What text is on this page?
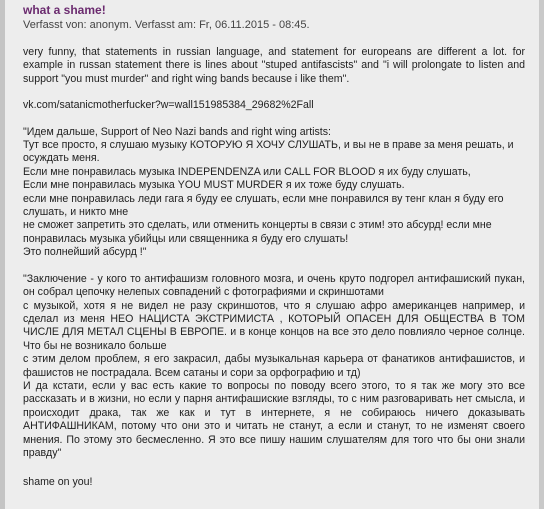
what a shame!
Verfasst von: anonym. Verfasst am: Fr, 06.11.2015 - 08:45.

very funny, that statements in russian language, and statement for europeans are different a lot. for example in russan statement there is lines about "stuped antifascists" and "i will prolongate to listen and support "you must murder" and right wing bands because i like them".

vk.com/satanicmotherfucker?w=wall151985384_29682%2Fall

"Идем дальше, Support of Neo Nazi bands and right wing artists:
Тут все просто, я слушаю музыку КОТОРУЮ Я ХОЧУ СЛУШАТЬ, и вы не в праве за меня решать, и осуждать меня.

Если мне понравилась музыка INDEPENDENZA или CALL FOR BLOOD я их буду слушать,
Если мне понравилась музыка YOU MUST MURDER я их тоже буду слушать.
если мне понравилась леди гага я буду ее слушать, если мне понравился ву тенг клан я буду его слушать, и никто мне
не сможет запретить это сделать, или отменить концерты в связи с этим! это абсурд! если мне понравилась музыка убийцы или священника я буду его слушать!

Это полнейший абсурд !"

"Заключение - у кого то антифашизм головного мозга, и очень круто подгорел антифашиский пукан, он собрал цепочку нелепых совпадений с фотографиями и скриншотами
с музыкой, хотя я не видел не разу скриншотов, что я слушаю афро американцев например, и сделал из меня НЕО НАЦИСТА ЭКСТРИМИСТА , КОТОРЫЙ ОПАСЕН ДЛЯ ОБЩЕСТВА В ТОМ ЧИСЛЕ ДЛЯ МЕТАЛ СЦЕНЫ В ЕВРОПЕ. и в конце концов на все это дело повлияло черное солнце. Что бы не возникало больше
с этим делом проблем, я его закрасил, дабы музыкальная карьера от фанатиков антифашистов, и фашистов не пострадала. Всем сатаны и сори за орфографию и тд)
И да кстати, если у вас есть какие то вопросы по поводу всего этого, то я так же могу это все рассказать и в жизни, но если у парня антифашиские взгляды, то с ним разговаривать нет смысла, и происходит драка, так же как и тут в интернете, я не собираюсь ничего доказывать АНТИФАШНИКАМ, потому что они это и читать не станут, а если и станут, то не изменят своего мнения. По этому это бесмесленно. Я это все пишу нашим слушателям для того что бы они знали правду"

shame on you!
